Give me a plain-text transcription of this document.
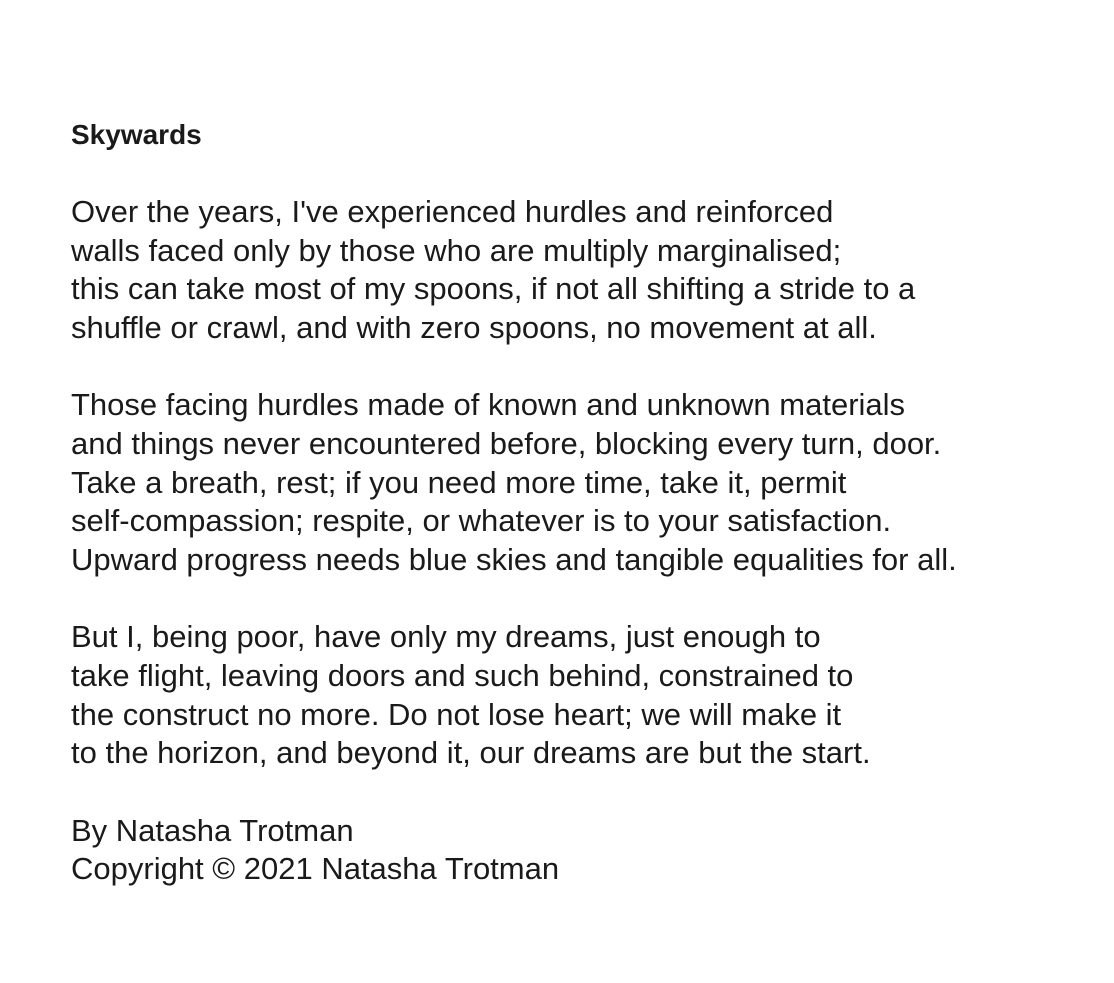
Skywards
Over the years, I've experienced hurdles and reinforced
walls faced only by those who are multiply marginalised;
this can take most of my spoons, if not all shifting a stride to a
shuffle or crawl, and with zero spoons, no movement at all.
Those facing hurdles made of known and unknown materials
and things never encountered before, blocking every turn, door.
Take a breath, rest; if you need more time, take it, permit
self-compassion; respite, or whatever is to your satisfaction.
Upward progress needs blue skies and tangible equalities for all.
But I, being poor, have only my dreams, just enough to
take flight, leaving doors and such behind, constrained to
the construct no more. Do not lose heart; we will make it
to the horizon, and beyond it, our dreams are but the start.
By Natasha Trotman
Copyright © 2021 Natasha Trotman
